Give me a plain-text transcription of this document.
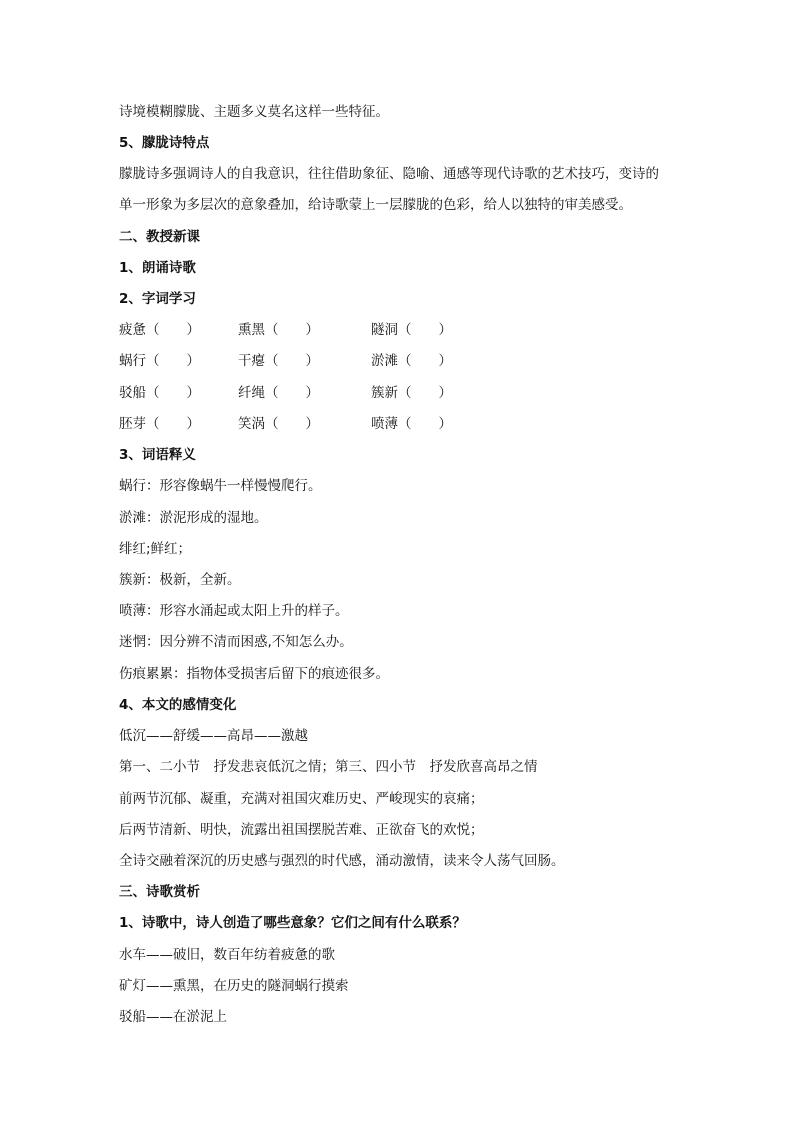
诗境模糊朦胧、主题多义莫名这样一些特征。
5、朦胧诗特点
朦胧诗多强调诗人的自我意识，往往借助象征、隐喻、通感等现代诗歌的艺术技巧，变诗的
单一形象为多层次的意象叠加，给诗歌蒙上一层朦胧的色彩，给人以独特的审美感受。
二、教授新课
1、朗诵诗歌
2、字词学习
疲惫（　　）	熏黑（　　）	隧洞（　　）
蜗行（　　）	干瘪（　　）	淤滩（　　）
驳船（　　）	纤绳（　　）	簇新（　　）
胚芽（　　）	笑涡（　　）	喷薄（　　）
3、词语释义
蜗行：形容像蜗牛一样慢慢爬行。
淤滩：淤泥形成的湿地。
绯红;鲜红；
簇新：极新，全新。
喷薄：形容水涌起或太阳上升的样子。
迷惘：因分辨不清而困惑,不知怎么办。
伤痕累累：指物体受损害后留下的痕迹很多。
4、本文的感情变化
低沉——舒缓——高昂——激越
第一、二小节　抒发悲哀低沉之情；第三、四小节　抒发欣喜高昂之情
前两节沉郁、凝重，充满对祖国灾难历史、严峻现实的哀痛；
后两节清新、明快，流露出祖国摆脱苦难、正欲奋飞的欢悦；
全诗交融着深沉的历史感与强烈的时代感，涌动激情，读来令人荡气回肠。
三、诗歌赏析
1、诗歌中，诗人创造了哪些意象？它们之间有什么联系？
水车——破旧，数百年纺着疲惫的歌
矿灯——熏黑，在历史的隧洞蜗行摸索
驳船——在淤泥上
